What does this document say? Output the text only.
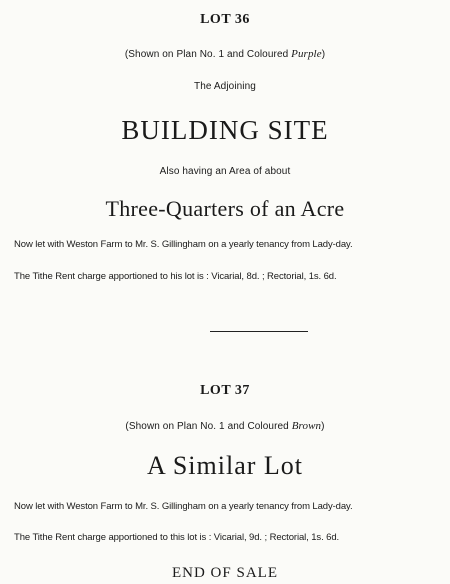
LOT 36
(Shown on Plan No. 1 and Coloured Purple)
The Adjoining
BUILDING SITE
Also having an Area of about
Three-Quarters of an Acre
Now let with Weston Farm to Mr. S. Gillingham on a yearly tenancy from Lady-day.
The Tithe Rent charge apportioned to his lot is : Vicarial, 8d. ; Rectorial, 1s. 6d.
LOT 37
(Shown on Plan No. 1 and Coloured Brown)
A Similar Lot
Now let with Weston Farm to Mr. S. Gillingham on a yearly tenancy from Lady-day.
The Tithe Rent charge apportioned to this lot is : Vicarial, 9d. ; Rectorial, 1s. 6d.
END OF SALE
